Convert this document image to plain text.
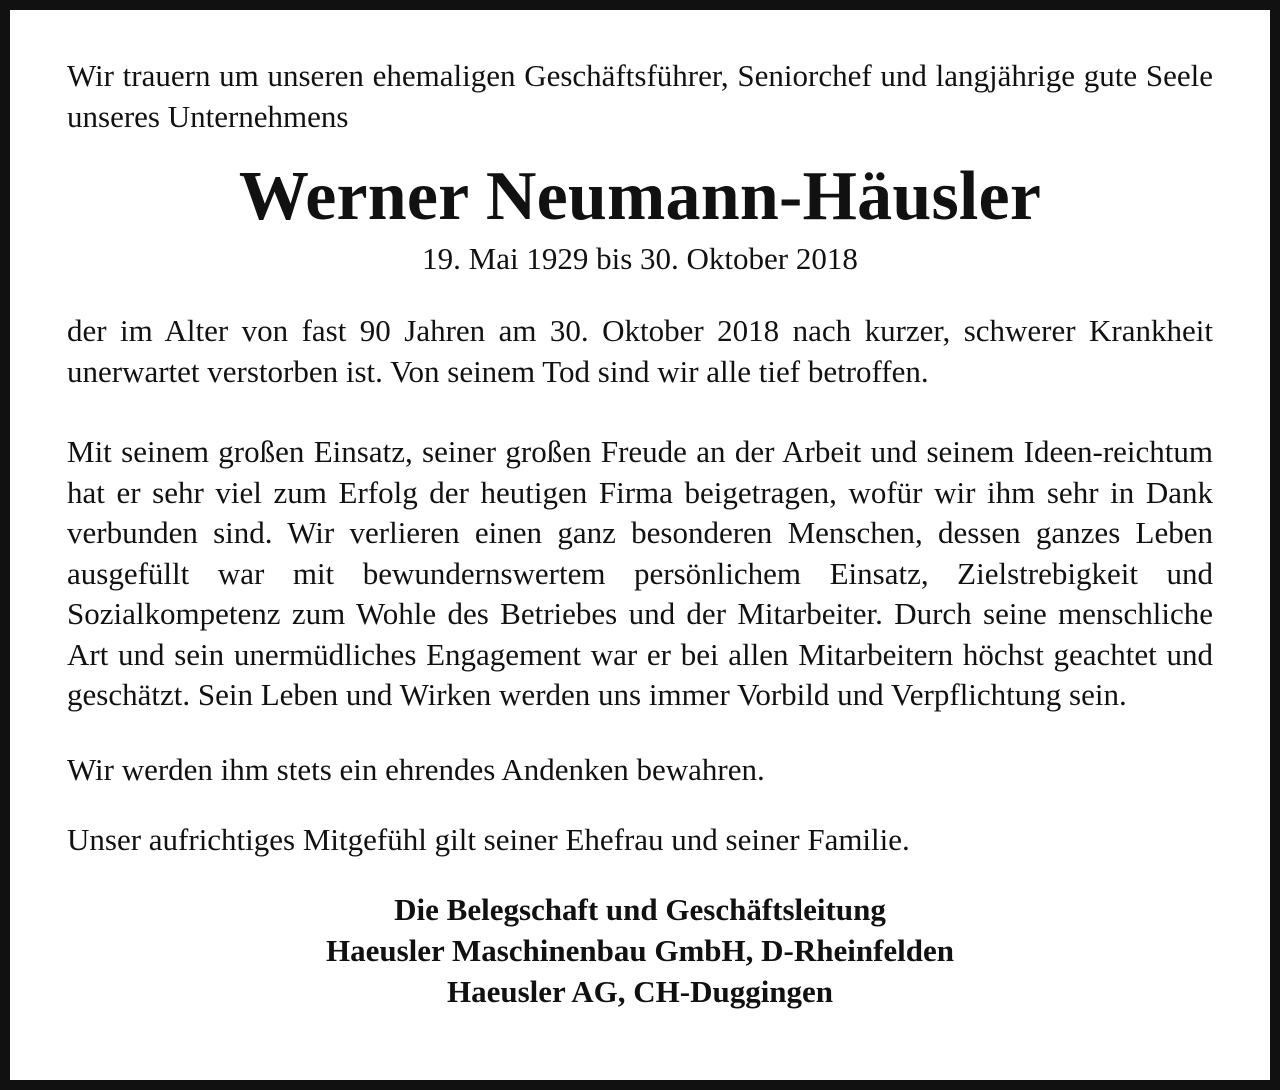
Wir trauern um unseren ehemaligen Geschäftsführer, Seniorchef und langjährige gute Seele unseres Unternehmens

Werner Neumann-Häusler
19. Mai 1929 bis 30. Oktober 2018

der im Alter von fast 90 Jahren am 30. Oktober 2018 nach kurzer, schwerer Krankheit unerwartet verstorben ist. Von seinem Tod sind wir alle tief betroffen.

Mit seinem großen Einsatz, seiner großen Freude an der Arbeit und seinem Ideen-reichtum hat er sehr viel zum Erfolg der heutigen Firma beigetragen, wofür wir ihm sehr in Dank verbunden sind. Wir verlieren einen ganz besonderen Menschen, dessen ganzes Leben ausgefüllt war mit bewundernswertem persönlichem Einsatz, Zielstrebigkeit und Sozialkompetenz zum Wohle des Betriebes und der Mitarbeiter. Durch seine menschliche Art und sein unermüdliches Engagement war er bei allen Mitarbeitern höchst geachtet und geschätzt. Sein Leben und Wirken werden uns immer Vorbild und Verpflichtung sein.

Wir werden ihm stets ein ehrendes Andenken bewahren.

Unser aufrichtiges Mitgefühl gilt seiner Ehefrau und seiner Familie.

Die Belegschaft und Geschäftsleitung
Haeusler Maschinenbau GmbH, D-Rheinfelden
Haeusler AG, CH-Duggingen
